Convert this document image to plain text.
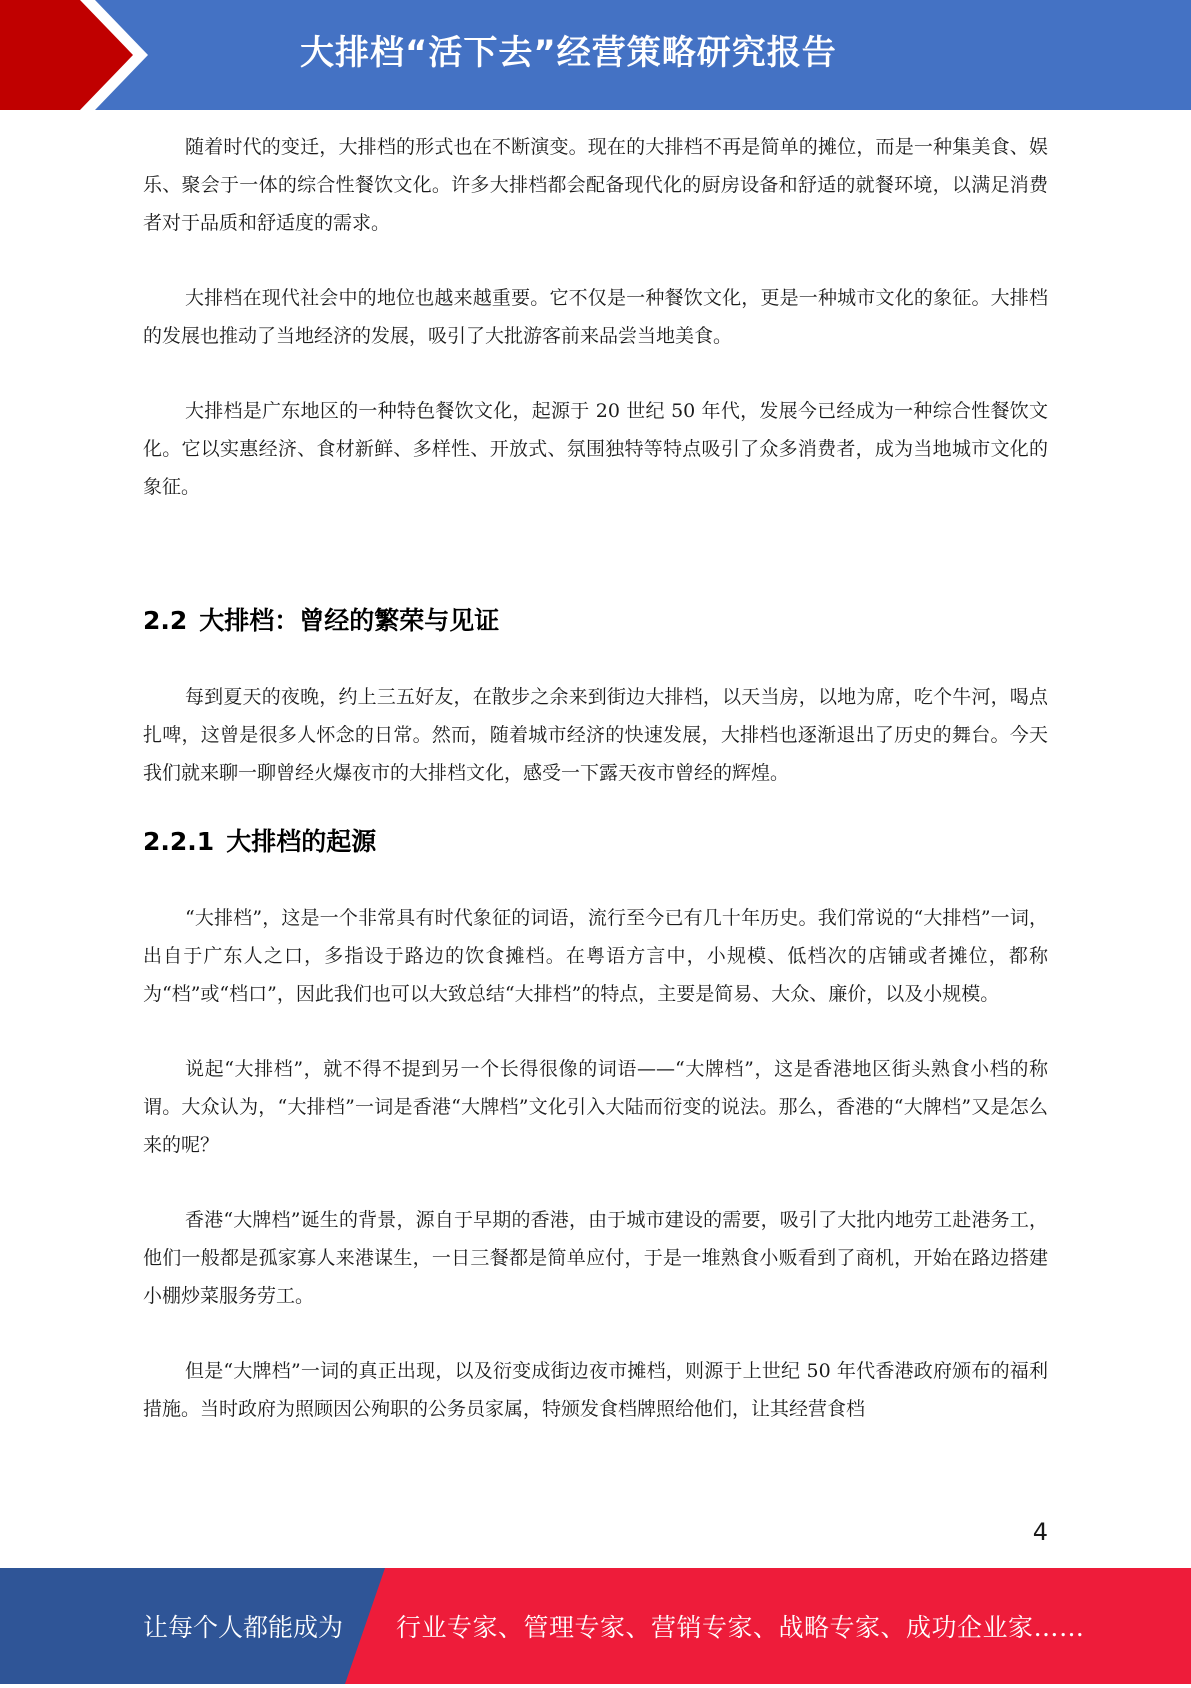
大排档“活下去”经营策略研究报告

随着时代的变迁，大排档的形式也在不断演变。现在的大排档不再是简单的摊位，而是一种集美食、娱乐、聚会于一体的综合性餐饮文化。许多大排档都会配备现代化的厨房设备和舒适的就餐环境，以满足消费者对于品质和舒适度的需求。

大排档在现代社会中的地位也越来越重要。它不仅是一种餐饮文化，更是一种城市文化的象征。大排档的发展也推动了当地经济的发展，吸引了大批游客前来品尝当地美食。

大排档是广东地区的一种特色餐饮文化，起源于 20 世纪 50 年代，发展今已经成为一种综合性餐饮文化。它以实惠经济、食材新鲜、多样性、开放式、氛围独特等特点吸引了众多消费者，成为当地城市文化的象征。

2.2 大排档：曾经的繁荣与见证

每到夏天的夜晚，约上三五好友，在散步之余来到街边大排档，以天当房，以地为席，吃个牛河，喝点扎啤，这曾是很多人怀念的日常。然而，随着城市经济的快速发展，大排档也逐渐退出了历史的舞台。今天我们就来聊一聊曾经火爆夜市的大排档文化，感受一下露天夜市曾经的辉煌。

2.2.1 大排档的起源

“大排档”，这是一个非常具有时代象征的词语，流行至今已有几十年历史。我们常说的“大排档”一词，出自于广东人之口，多指设于路边的饮食摊档。在粤语方言中，小规模、低档次的店铺或者摊位，都称为“档”或“档口”，因此我们也可以大致总结“大排档”的特点，主要是简易、大众、廉价，以及小规模。

说起“大排档”，就不得不提到另一个长得很像的词语——“大牌档”，这是香港地区街头熟食小档的称谓。大众认为，“大排档”一词是香港“大牌档”文化引入大陆而衍变的说法。那么，香港的“大牌档”又是怎么来的呢？

香港“大牌档”诞生的背景，源自于早期的香港，由于城市建设的需要，吸引了大批内地劳工赴港务工，他们一般都是孤家寡人来港谋生，一日三餐都是简单应付，于是一堆熟食小贩看到了商机，开始在路边搭建小棚炒菜服务劳工。

但是“大牌档”一词的真正出现，以及衍变成街边夜市摊档，则源于上世纪 50 年代香港政府颁布的福利措施。当时政府为照顾因公殉职的公务员家属，特颁发食档牌照给他们，让其经营食档

4
让每个人都能成为 行业专家、管理专家、营销专家、战略专家、成功企业家……
